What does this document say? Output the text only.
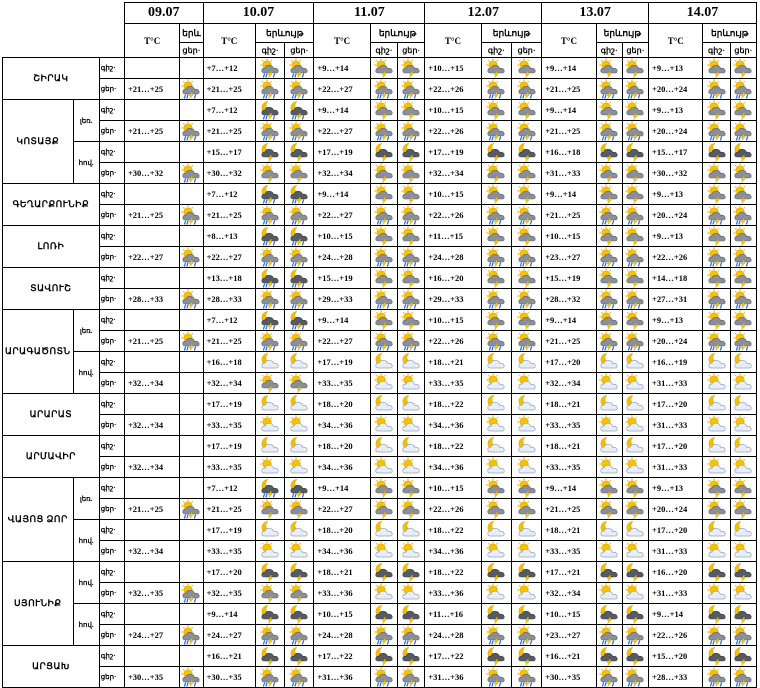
			09.07		10.07			11.07			12.07			13.07			14.07		
			T°C	երև	T°C	երևույթ		T°C	երևույթ		T°C	երևույթ		T°C	երևույթ		T°C	երևույթ	
				ցեր·		գիշ·	ցեր·		գիշ·	ցեր·		գիշ·	ցեր·		գիշ·	ցեր·		գիշ·	ցեր·
ՇԻՐԱԿ		գիշ·			+7…+12			+9…+14			+10…+15			+9…+14			+9…+13		
		ցեր·	+21…+25		+21…+25			+22…+27			+22…+26			+21…+25			+20…+24		
ԿՈՏԱՅՔ	լեռ.	գիշ·			+7…+12			+9…+14			+10…+15			+9…+14			+9…+13		
		ցեր·	+21…+25		+21…+25			+22…+27			+22…+26			+21…+25			+20…+24		
	հով.	գիշ·			+15…+17			+17…+19			+17…+19			+16…+18			+15…+17		
		ցեր·	+30…+32		+30…+32			+32…+34			+32…+34			+31…+33			+30…+32		
ԳԵՂԱՐՔՈՒՆԻՔ		գիշ·			+7…+12			+9…+14			+10…+15			+9…+14			+9…+13		
		ցեր·	+21…+25		+21…+25			+22…+27			+22…+26			+21…+25			+20…+24		
ԼՈՌԻ		գիշ·			+8…+13			+10…+15			+11…+15			+10…+15			+9…+13		
		ցեր·	+22…+27		+22…+27			+24…+28			+24…+28			+23…+27			+22…+26		
ՏԱՎՈՒՇ		գիշ·			+13…+18			+15…+19			+16…+20			+15…+19			+14…+18		
		ցեր·	+28…+33		+28…+33			+29…+33			+29…+33			+28…+32			+27…+31		
ԱՐԱԳԱԾՈՏՆ	լեռ.	գիշ·			+7…+12			+9…+14			+10…+15			+9…+14			+9…+13		
		ցեր·	+21…+25		+21…+25			+22…+27			+22…+26			+21…+25			+20…+24		
	հով.	գիշ·			+16…+18			+17…+19			+18…+21			+17…+20			+16…+19		
		ցեր·	+32…+34		+32…+34			+33…+35			+33…+35			+32…+34			+31…+33		
ԱՐԱՐԱՏ		գիշ·			+17…+19			+18…+20			+18…+22			+18…+21			+17…+20		
		ցեր·	+32…+34		+33…+35			+34…+36			+34…+36			+33…+35			+31…+33		
ԱՐՄԱՎԻՐ		գիշ·			+17…+19			+18…+20			+18…+22			+18…+21			+17…+20		
		ցեր·	+32…+34		+33…+35			+34…+36			+34…+36			+33…+35			+31…+33		
ՎԱՅՈՑ ՁՈՐ	լեռ.	գիշ·			+7…+12			+9…+14			+10…+15			+9…+14			+9…+13		
		ցեր·	+21…+25		+21…+25			+22…+27			+22…+26			+21…+25			+20…+24		
	հով.	գիշ·			+17…+19			+18…+20			+18…+22			+18…+21			+17…+20		
		ցեր·	+32…+34		+33…+35			+34…+36			+34…+36			+33…+35			+31…+33		
ՍՅՈՒՆԻՔ	հով.	գիշ·			+17…+20			+18…+21			+18…+22			+17…+21			+16…+20		
		ցեր·	+32…+35		+32…+35			+33…+36			+33…+36			+32…+34			+31…+33		
	հով.	գիշ·			+9…+14			+10…+15			+11…+16			+10…+15			+9…+14		
		ցեր·	+24…+27		+24…+27			+24…+28			+24…+28			+23…+27			+22…+26		
ԱՐՑԱԽ		գիշ·			+16…+21			+17…+22			+17…+22			+16…+21			+15…+20		
		ցեր·	+30…+35		+30…+35			+31…+36			+31…+36			+30…+35			+28…+33		
